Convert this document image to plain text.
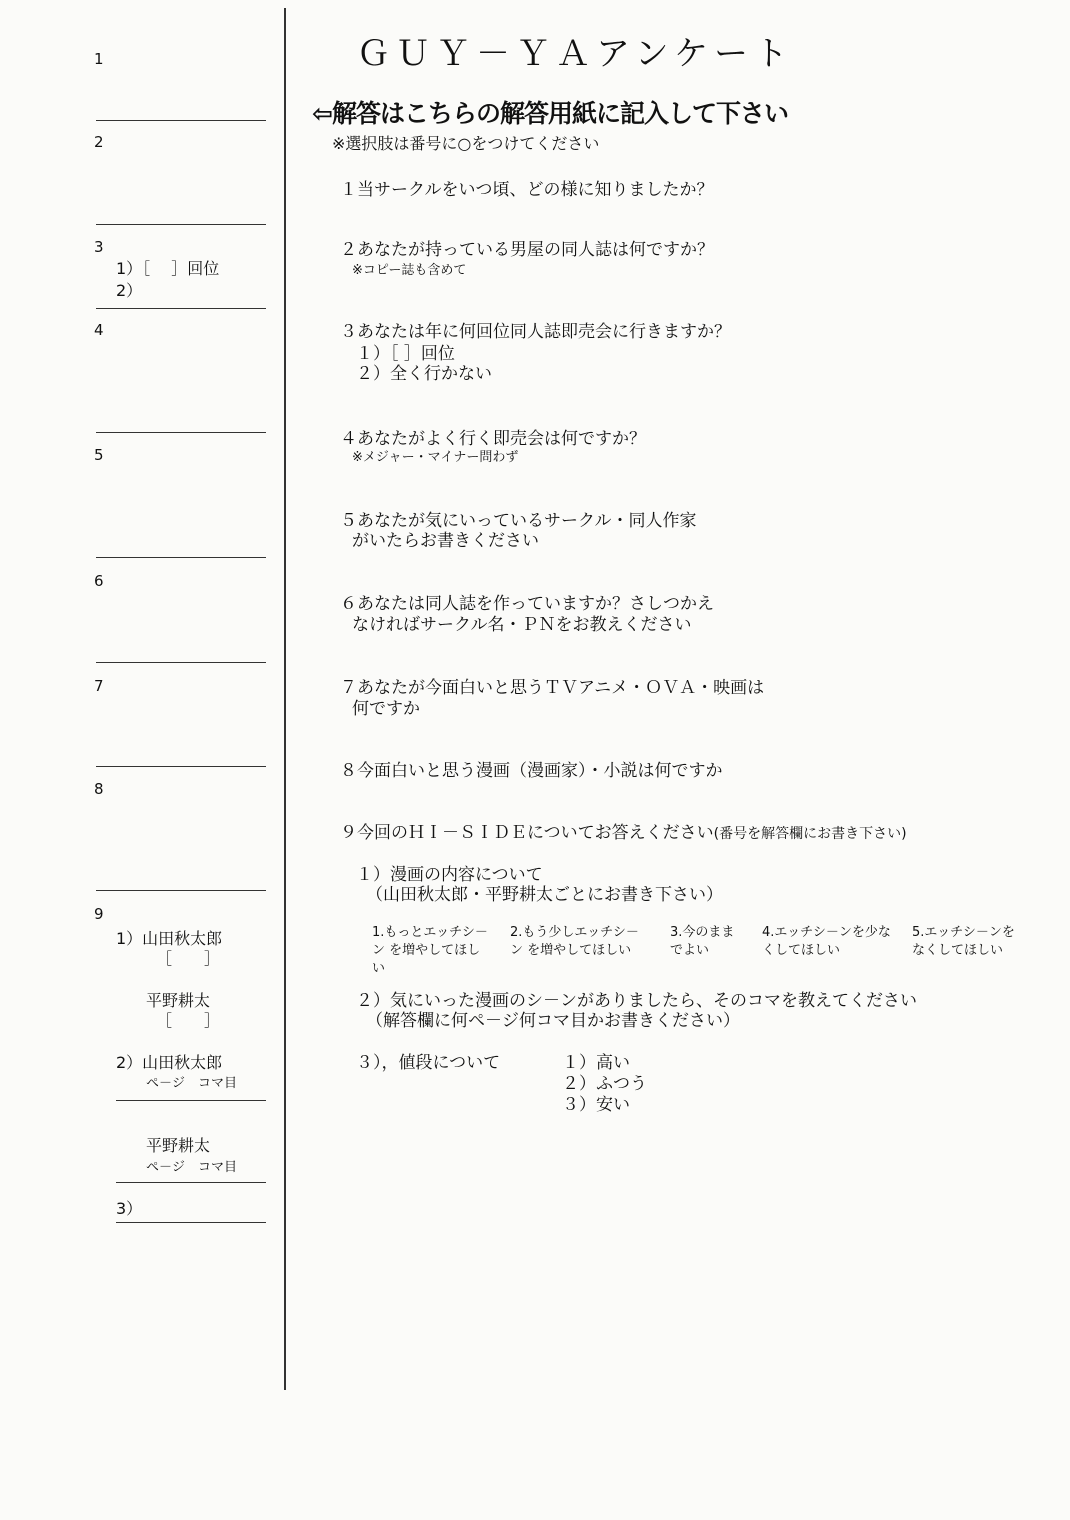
1
2
3
1）［　 ］回位
2）
4
5
6
7
8
9
1）山田秋太郎
［　　］
平野耕太
［　　］
2）山田秋太郎
ペ－ジ　コマ目
平野耕太
ペ－ジ　コマ目
3）
ＧＵＹ－ＹＡアンケート
⇦解答はこちらの解答用紙に記入して下さい
※選択肢は番号に○をつけてください
１当サークルをいつ頃、どの様に知りましたか？
２あなたが持っている男屋の同人誌は何ですか？
※コピー誌も含めて
３あなたは年に何回位同人誌即売会に行きますか？
１）［ ］回位
２）全く行かない
４あなたがよく行く即売会は何ですか？
※メジャー・マイナー問わず
５あなたが気にいっているサークル・同人作家
がいたらお書きください
６あなたは同人誌を作っていますか？さしつかえ
なければサークル名・ＰＮをお教えください
７あなたが今面白いと思うＴＶアニメ・ＯＶＡ・映画は
何ですか
８今面白いと思う漫画（漫画家）・小説は何ですか
９今回のＨＩ－ＳＩＤＥについてお答えください(番号を解答欄にお書き下さい)
１）漫画の内容について
（山田秋太郎・平野耕太ごとにお書き下さい）
1.もっとエッチシ－ン を増やしてほしい
2.もう少しエッチシ－ン を増やしてほしい
3.今のまま でよい
4.エッチシ－ンを少な くしてほしい
5.エッチシ－ンを なくしてほしい
２）気にいった漫画のシ－ンがありましたら、そのコマを教えてください
（解答欄に何ペ－ジ何コマ目かお書きください）
３），値段について	１）高い
２）ふつう
３）安い
